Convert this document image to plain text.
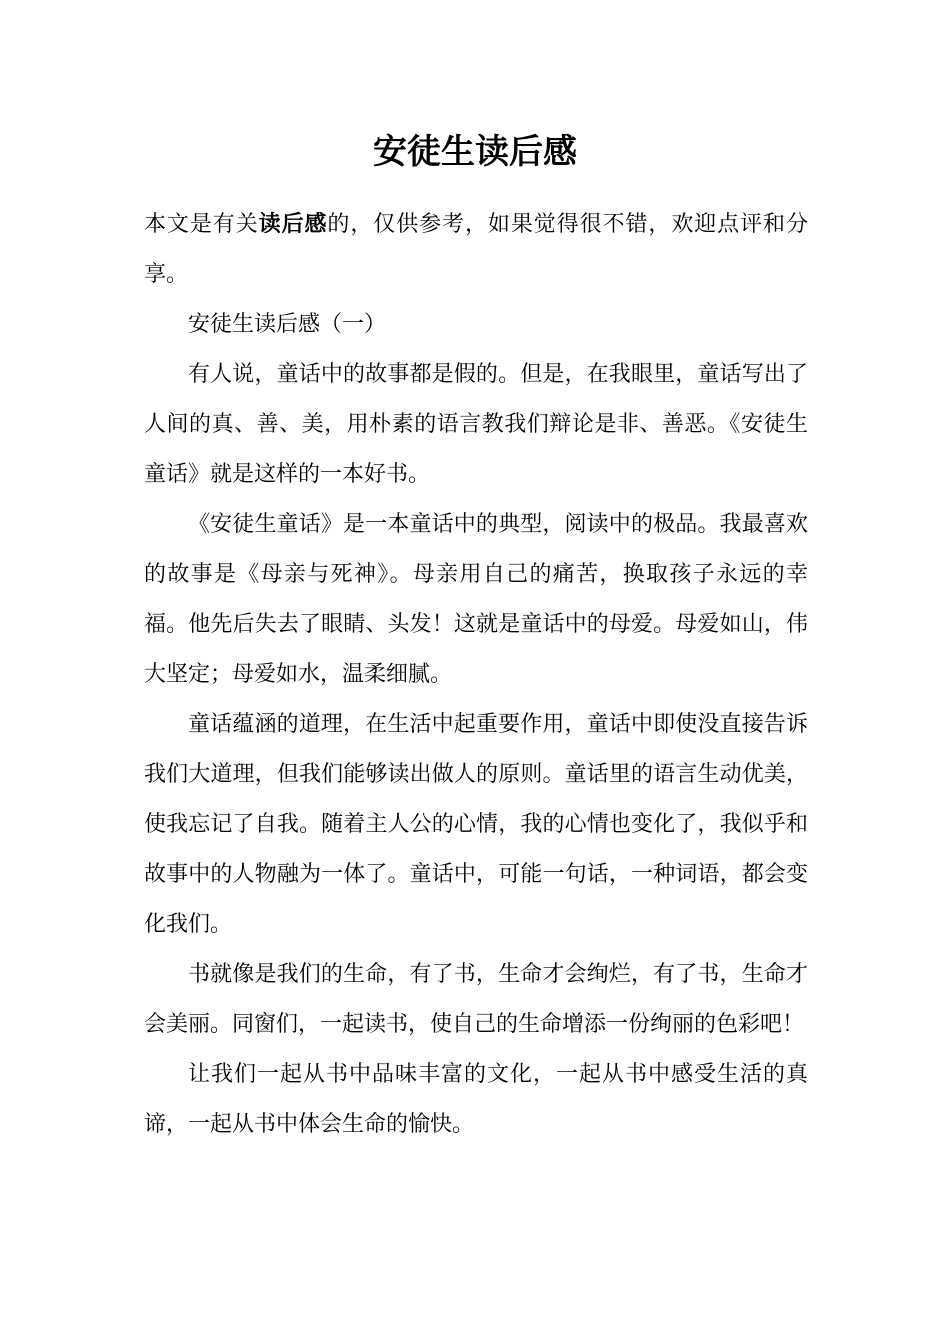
安徒生读后感

本文是有关读后感的，仅供参考，如果觉得很不错，欢迎点评和分享。

安徒生读后感（一）

有人说，童话中的故事都是假的。但是，在我眼里，童话写出了人间的真、善、美，用朴素的语言教我们辩论是非、善恶。《安徒生童话》就是这样的一本好书。

《安徒生童话》是一本童话中的典型，阅读中的极品。我最喜欢的故事是《母亲与死神》。母亲用自己的痛苦，换取孩子永远的幸福。他先后失去了眼睛、头发！这就是童话中的母爱。母爱如山，伟大坚定；母爱如水，温柔细腻。

童话蕴涵的道理，在生活中起重要作用，童话中即使没直接告诉我们大道理，但我们能够读出做人的原则。童话里的语言生动优美，使我忘记了自我。随着主人公的心情，我的心情也变化了，我似乎和故事中的人物融为一体了。童话中，可能一句话，一种词语，都会变化我们。

书就像是我们的生命，有了书，生命才会绚烂，有了书，生命才会美丽。同窗们，一起读书，使自己的生命增添一份绚丽的色彩吧！

让我们一起从书中品味丰富的文化，一起从书中感受生活的真谛，一起从书中体会生命的愉快。
